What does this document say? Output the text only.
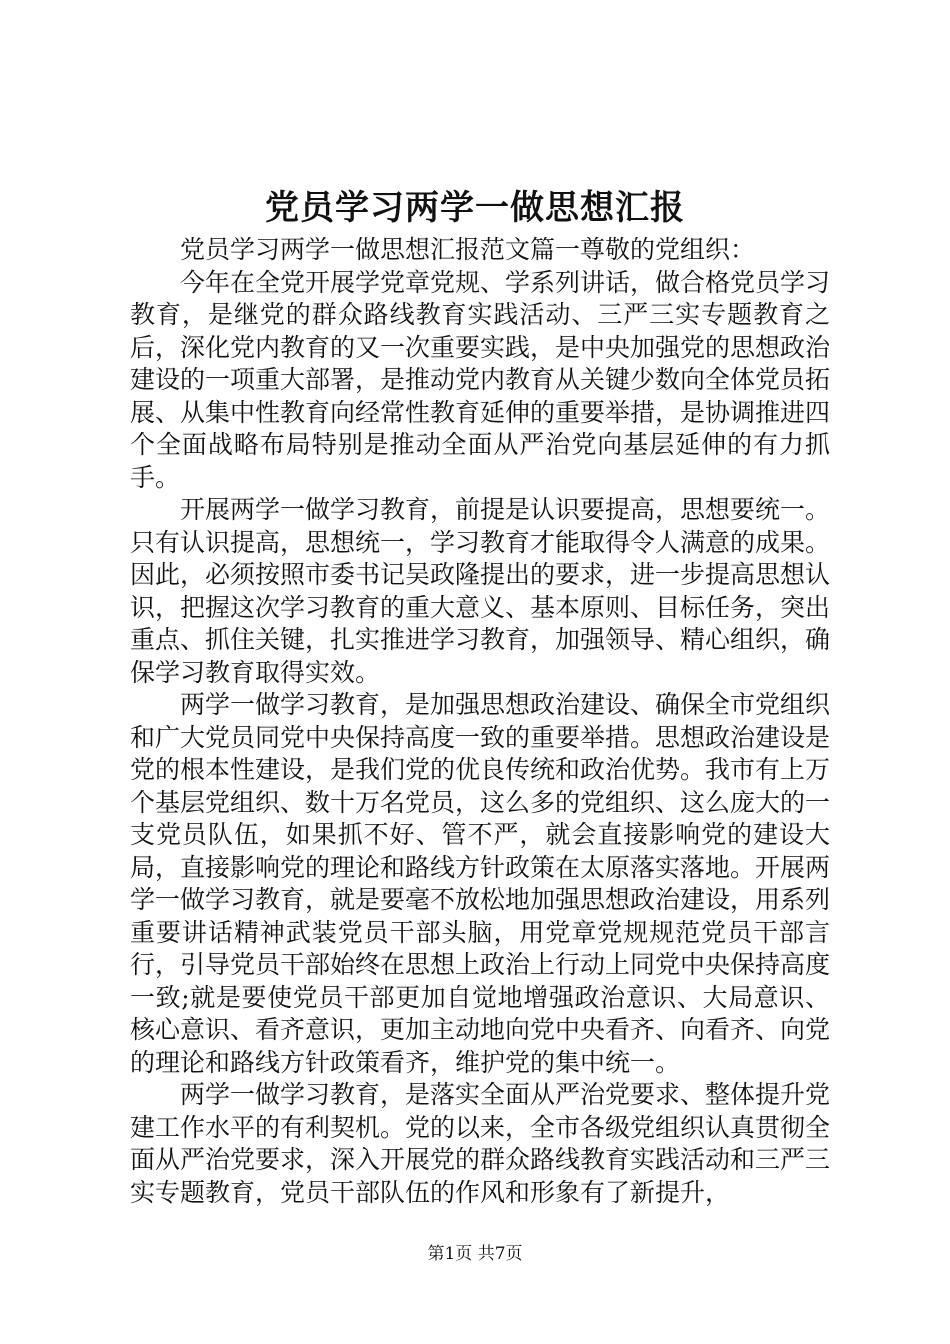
党员学习两学一做思想汇报

党员学习两学一做思想汇报范文篇一尊敬的党组织：

今年在全党开展学党章党规、学系列讲话，做合格党员学习教育，是继党的群众路线教育实践活动、三严三实专题教育之后，深化党内教育的又一次重要实践，是中央加强党的思想政治建设的一项重大部署，是推动党内教育从关键少数向全体党员拓展、从集中性教育向经常性教育延伸的重要举措，是协调推进四个全面战略布局特别是推动全面从严治党向基层延伸的有力抓手。

开展两学一做学习教育，前提是认识要提高，思想要统一。只有认识提高，思想统一，学习教育才能取得令人满意的成果。因此，必须按照市委书记吴政隆提出的要求，进一步提高思想认识，把握这次学习教育的重大意义、基本原则、目标任务，突出重点、抓住关键，扎实推进学习教育，加强领导、精心组织，确保学习教育取得实效。

两学一做学习教育，是加强思想政治建设、确保全市党组织和广大党员同党中央保持高度一致的重要举措。思想政治建设是党的根本性建设，是我们党的优良传统和政治优势。我市有上万个基层党组织、数十万名党员，这么多的党组织、这么庞大的一支党员队伍，如果抓不好、管不严，就会直接影响党的建设大局，直接影响党的理论和路线方针政策在太原落实落地。开展两学一做学习教育，就是要毫不放松地加强思想政治建设，用系列重要讲话精神武装党员干部头脑，用党章党规规范党员干部言行，引导党员干部始终在思想上政治上行动上同党中央保持高度一致;就是要使党员干部更加自觉地增强政治意识、大局意识、核心意识、看齐意识，更加主动地向党中央看齐、向看齐、向党的理论和路线方针政策看齐，维护党的集中统一。

两学一做学习教育，是落实全面从严治党要求、整体提升党建工作水平的有利契机。党的以来，全市各级党组织认真贯彻全面从严治党要求，深入开展党的群众路线教育实践活动和三严三实专题教育，党员干部队伍的作风和形象有了新提升，

第1页 共7页
